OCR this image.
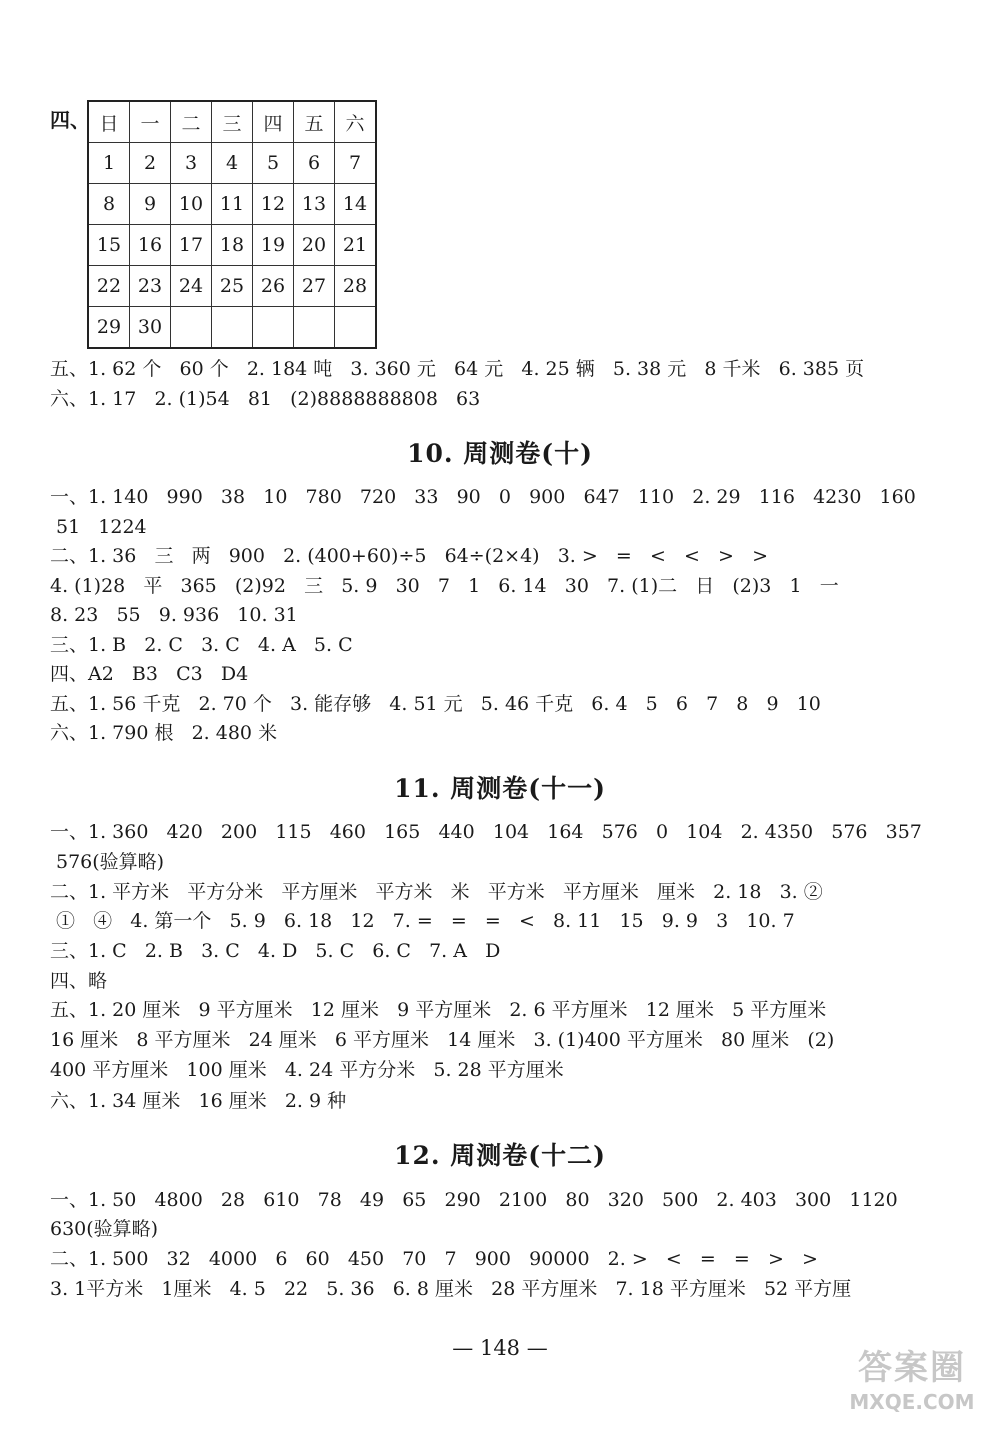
四、 日	一	二	三	四	五	六
1	2	3	4	5	6	7
8	9	10	11	12	13	14
15	16	17	18	19	20	21
22	23	24	25	26	27	28
29	30					
五、1. 62 个   60 个   2. 184 吨   3. 360 元   64 元   4. 25 辆   5. 38 元   8 千米   6. 385 页
六、1. 17   2. (1)54   81   (2)8888888808   63
10. 周测卷(十)
一、1. 140   990   38   10   780   720   33   90   0   900   647   110   2. 29   116   4230   160
51   1224
二、1. 36   三   两   900   2. (400+60)÷5   64÷(2×4)   3. >   =   <   <   >   >
4. (1)28   平   365   (2)92   三   5. 9   30   7   1   6. 14   30   7. (1)二   日   (2)3   1   一
8. 23   55   9. 936   10. 31
三、1. B   2. C   3. C   4. A   5. C
四、A2   B3   C3   D4
五、1. 56 千克   2. 70 个   3. 能存够   4. 51 元   5. 46 千克   6. 4   5   6   7   8   9   10
六、1. 790 根   2. 480 米
11. 周测卷(十一)
一、1. 360   420   200   115   460   165   440   104   164   576   0   104   2. 4350   576   357
576(验算略)
二、1. 平方米   平方分米   平方厘米   平方米   米   平方米   平方厘米   厘米   2. 18   3. ②
①   ④   4. 第一个   5. 9   6. 18   12   7. =   =   =   <   8. 11   15   9. 9   3   10. 7
三、1. C   2. B   3. C   4. D   5. C   6. C   7. A   D
四、略
五、1. 20 厘米   9 平方厘米   12 厘米   9 平方厘米   2. 6 平方厘米   12 厘米   5 平方厘米
16 厘米   8 平方厘米   24 厘米   6 平方厘米   14 厘米   3. (1)400 平方厘米   80 厘米   (2)
400 平方厘米   100 厘米   4. 24 平方分米   5. 28 平方厘米
六、1. 34 厘米   16 厘米   2. 9 种
12. 周测卷(十二)
一、1. 50   4800   28   610   78   49   65   290   2100   80   320   500   2. 403   300   1120
630(验算略)
二、1. 500   32   4000   6   60   450   70   7   900   90000   2. >   <   =   =   >   >
3. 1平方米   1厘米   4. 5   22   5. 36   6. 8 厘米   28 平方厘米   7. 18 平方厘米   52 平方厘
— 148 —	答案圈
MXQE.COM
